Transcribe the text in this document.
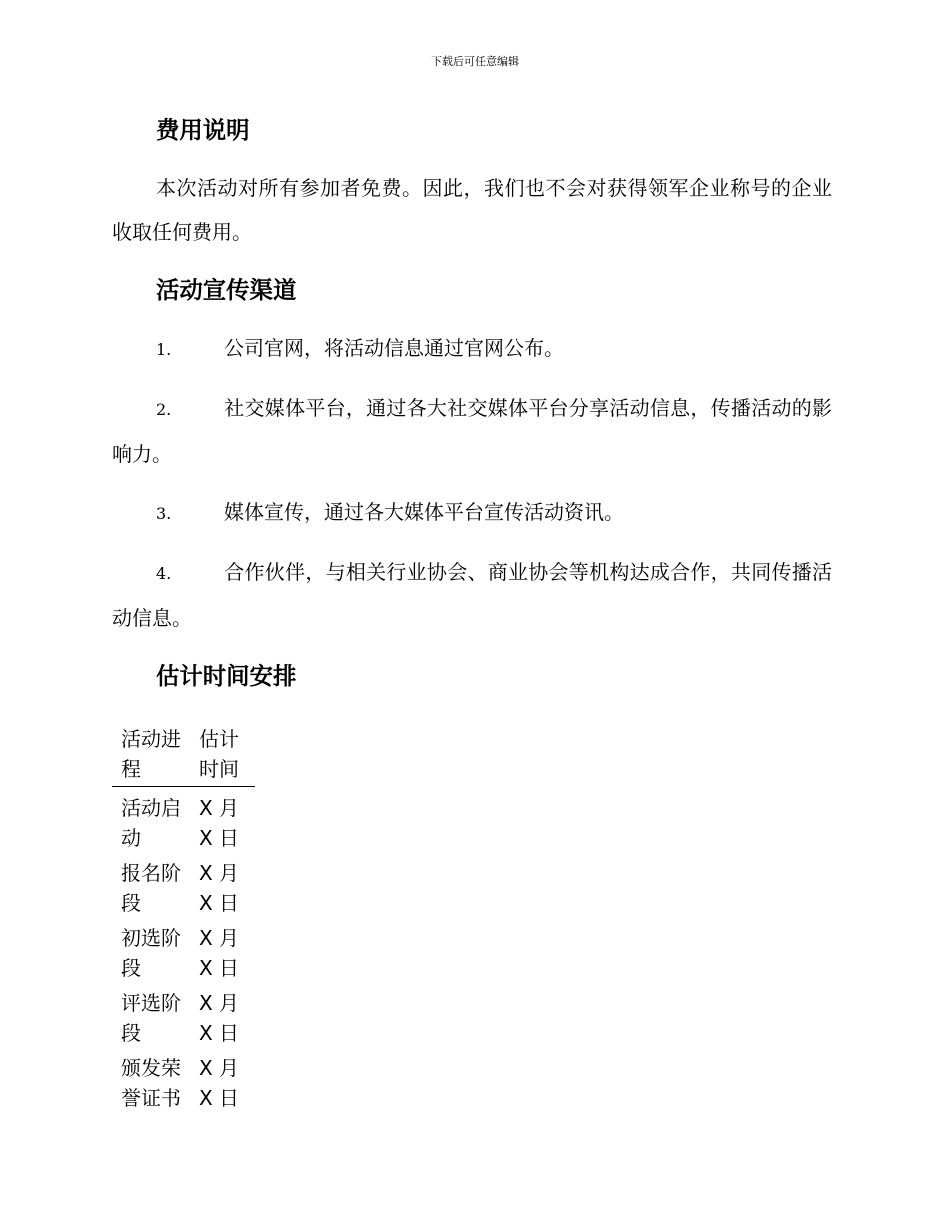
下载后可任意编辑
费用说明

本次活动对所有参加者免费。因此，我们也不会对获得领军企业称号的企业收取任何费用。

活动宣传渠道
1.	公司官网，将活动信息通过官网公布。
2.	社交媒体平台，通过各大社交媒体平台分享活动信息，传播活动的影响力。
3.	媒体宣传，通过各大媒体平台宣传活动资讯。
4.	合作伙伴，与相关行业协会、商业协会等机构达成合作，共同传播活动信息。
估计时间安排
活动进程	估计时间
活动启动	X 月 X 日
报名阶段	X 月 X 日
初选阶段	X 月 X 日
评选阶段	X 月 X 日
颁发荣誉证书	X 月 X 日
